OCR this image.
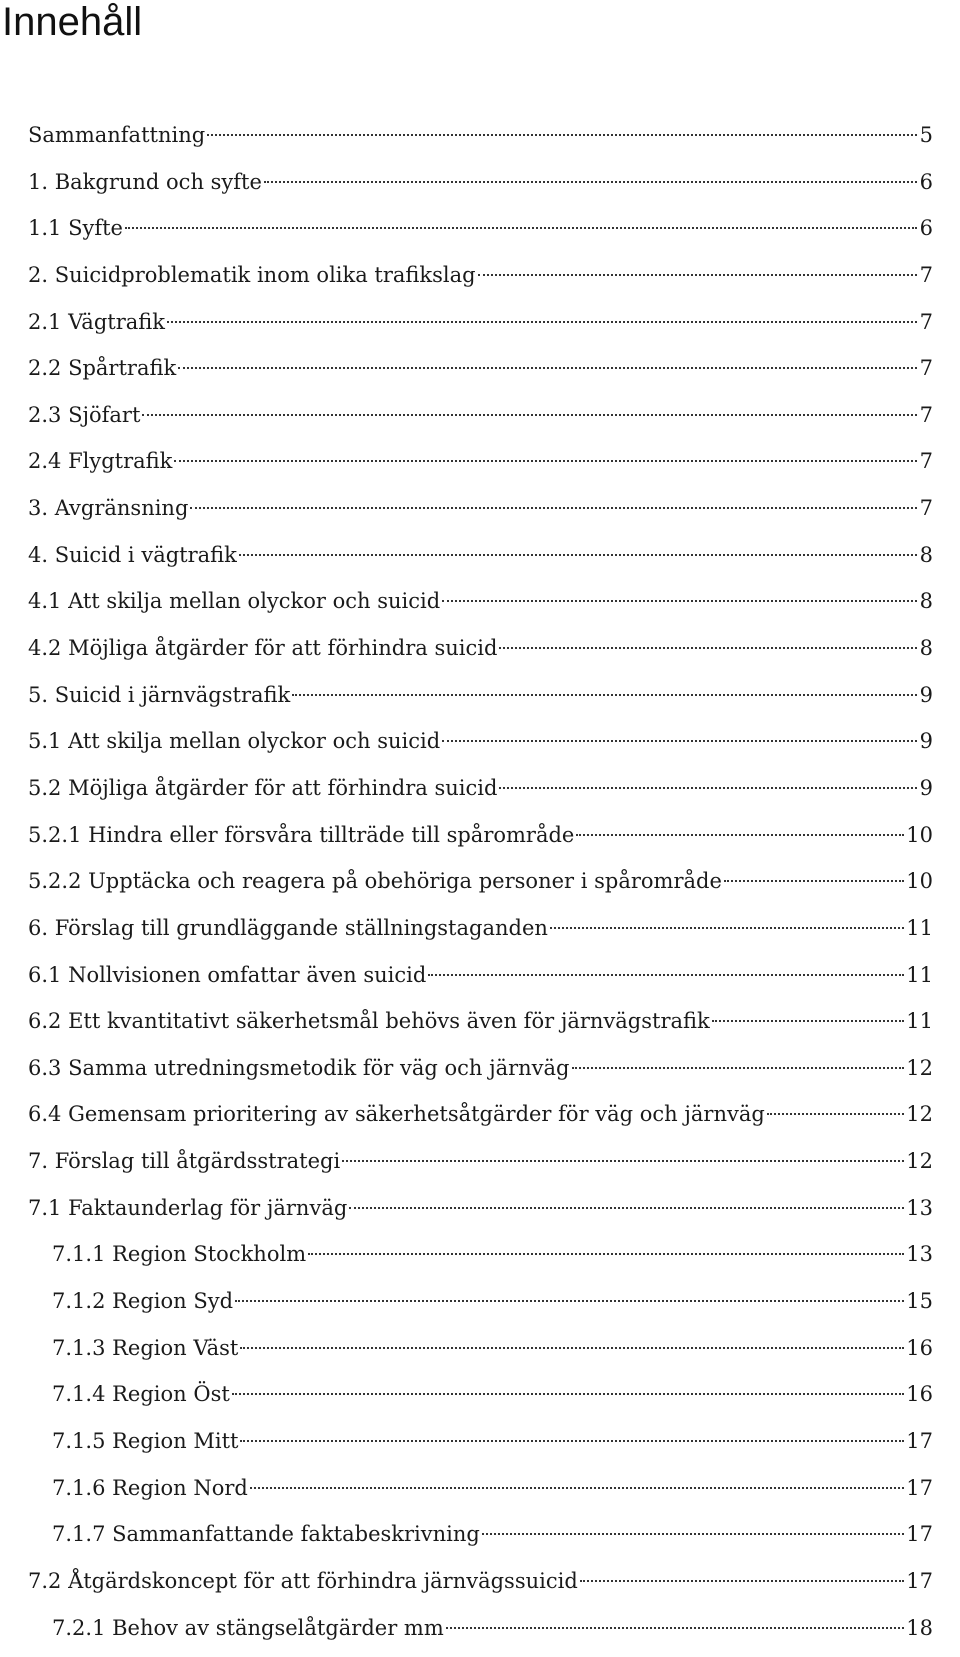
Innehåll
Sammanfattning	5
1. Bakgrund och syfte	6
1.1 Syfte	6
2. Suicidproblematik inom olika trafikslag	7
2.1 Vägtrafik	7
2.2 Spårtrafik	7
2.3 Sjöfart	7
2.4 Flygtrafik	7
3. Avgränsning	7
4. Suicid i vägtrafik	8
4.1 Att skilja mellan olyckor och suicid	8
4.2 Möjliga åtgärder för att förhindra suicid	8
5. Suicid i järnvägstrafik	9
5.1 Att skilja mellan olyckor och suicid	9
5.2 Möjliga åtgärder för att förhindra suicid	9
5.2.1 Hindra eller försvåra tillträde till spårområde	10
5.2.2 Upptäcka och reagera på obehöriga personer i spårområde	10
6. Förslag till grundläggande ställningstaganden	11
6.1 Nollvisionen omfattar även suicid	11
6.2 Ett kvantitativt säkerhetsmål behövs även för järnvägstrafik	11
6.3 Samma utredningsmetodik för väg och järnväg	12
6.4 Gemensam prioritering av säkerhetsåtgärder för väg och järnväg	12
7. Förslag till åtgärdsstrategi	12
7.1 Faktaunderlag för järnväg	13
7.1.1 Region Stockholm	13
7.1.2 Region Syd	15
7.1.3 Region Väst	16
7.1.4 Region Öst	16
7.1.5 Region Mitt	17
7.1.6 Region Nord	17
7.1.7 Sammanfattande faktabeskrivning	17
7.2 Åtgärdskoncept för att förhindra järnvägssuicid	17
7.2.1 Behov av stängselåtgärder mm	18
